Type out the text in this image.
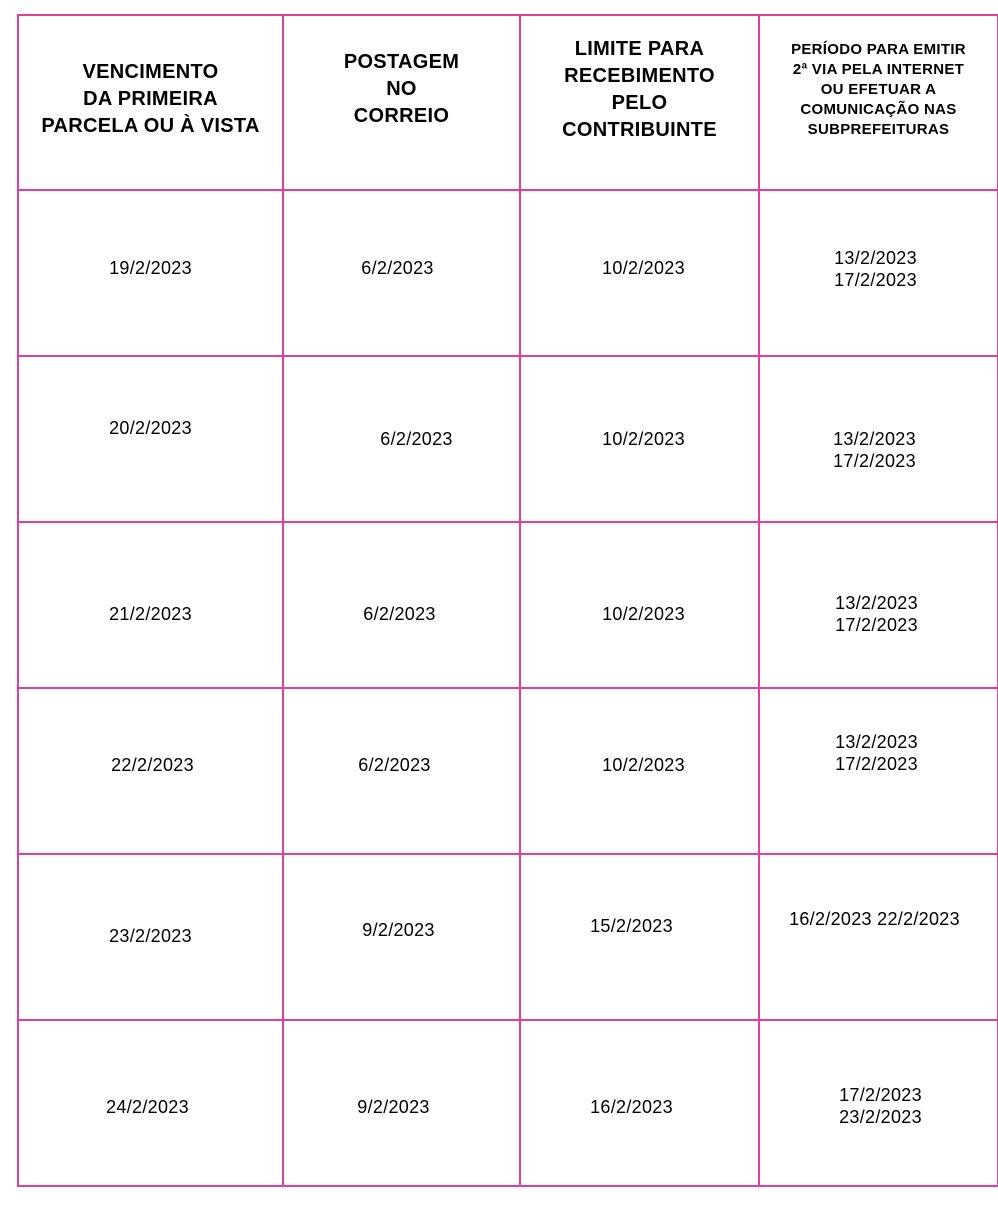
VENCIMENTO
DA PRIMEIRA
PARCELA OU À VISTA	POSTAGEM
NO
CORREIO	LIMITE PARA
RECEBIMENTO
PELO
CONTRIBUINTE	PERÍODO PARA EMITIR
2ª VIA PELA INTERNET
OU EFETUAR A
COMUNICAÇÃO NAS
SUBPREFEITURAS
19/2/2023	6/2/2023	10/2/2023	13/2/2023
17/2/2023
20/2/2023	6/2/2023	10/2/2023	13/2/2023
17/2/2023
21/2/2023	6/2/2023	10/2/2023	13/2/2023
17/2/2023
22/2/2023	6/2/2023	10/2/2023	13/2/2023
17/2/2023
23/2/2023	9/2/2023	15/2/2023	16/2/2023 22/2/2023
24/2/2023	9/2/2023	16/2/2023	17/2/2023
23/2/2023
